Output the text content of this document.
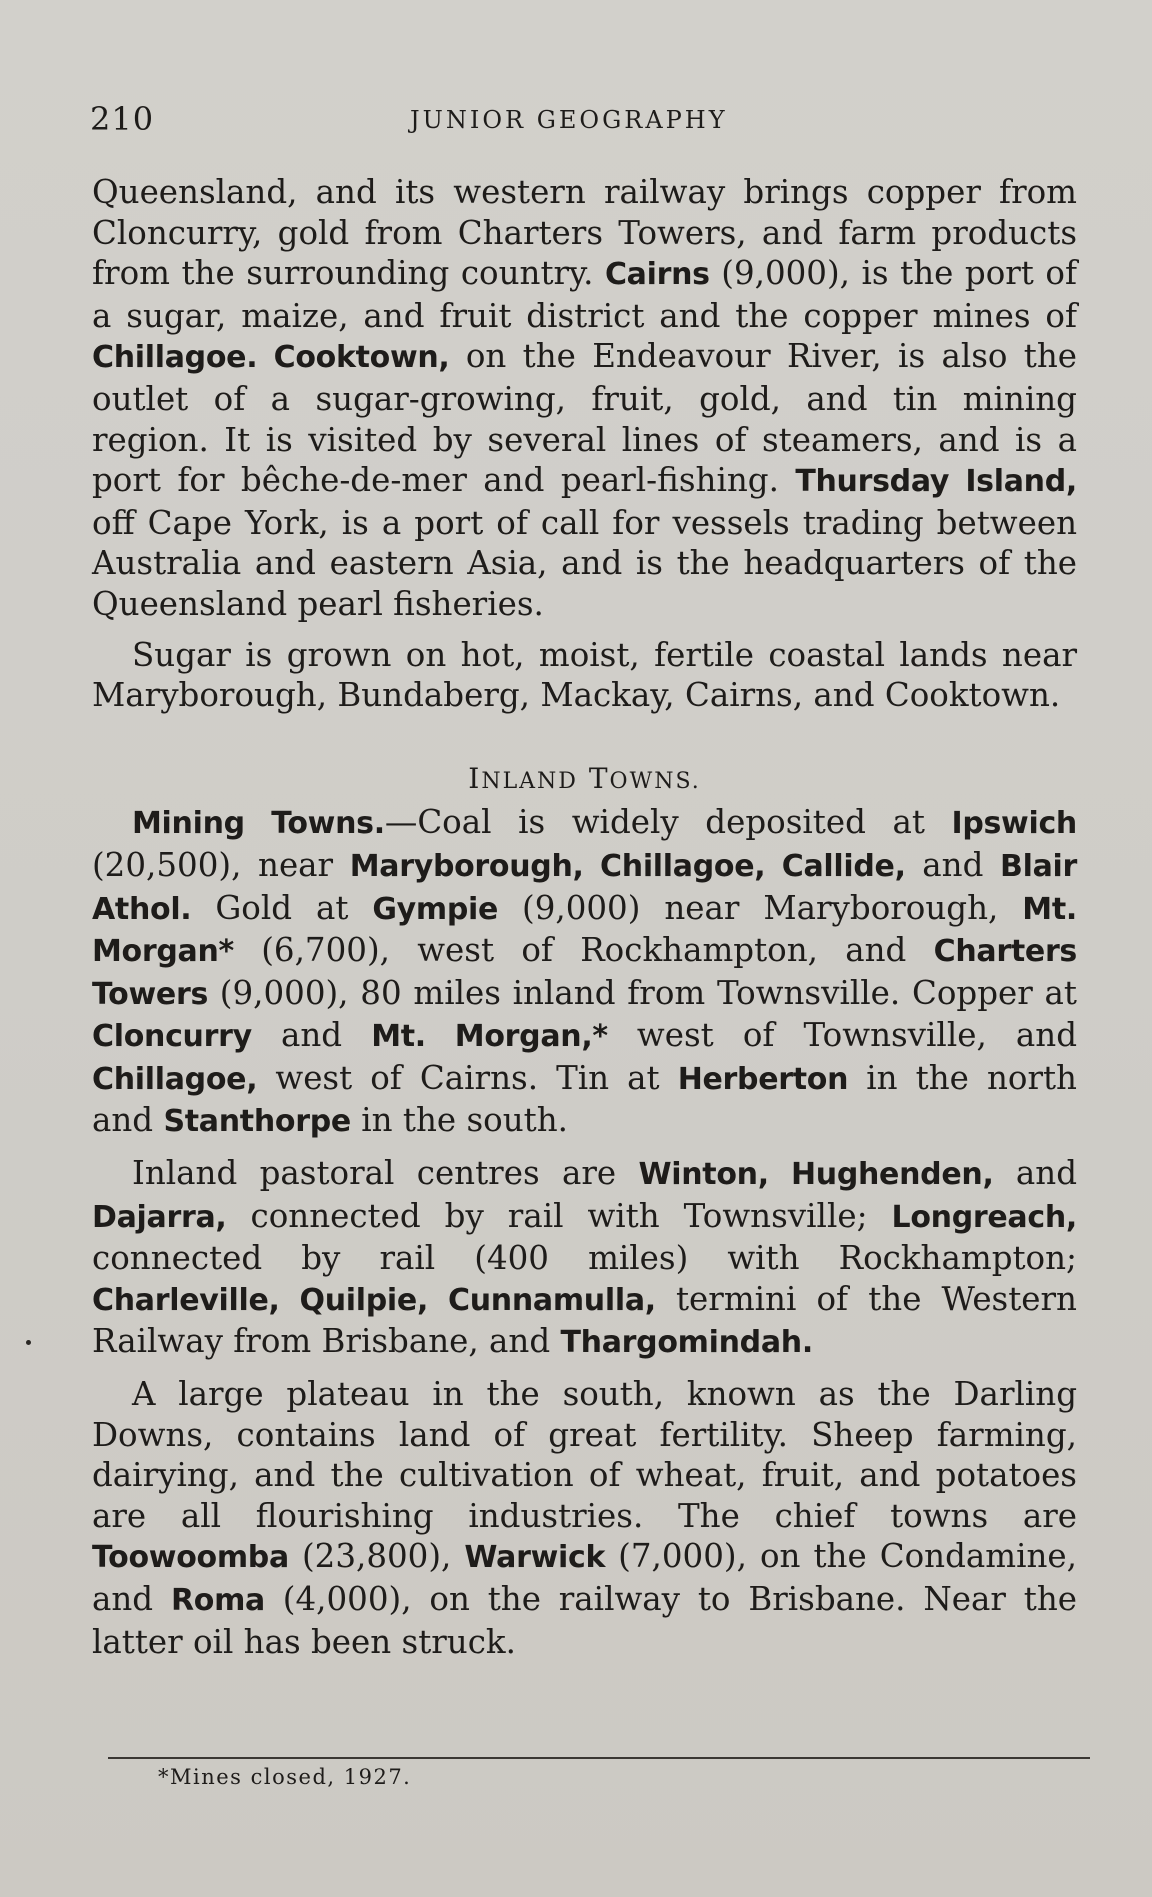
210	JUNIOR GEOGRAPHY

Queensland, and its western railway brings copper from Cloncurry, gold from Charters Towers, and farm products from the surrounding country. Cairns (9,000), is the port of a sugar, maize, and fruit district and the copper mines of Chillagoe. Cooktown, on the Endeavour River, is also the outlet of a sugar-growing, fruit, gold, and tin mining region. It is visited by several lines of steamers, and is a port for bêche-de-mer and pearl-fishing. Thursday Island, off Cape York, is a port of call for vessels trading between Australia and eastern Asia, and is the headquarters of the Queensland pearl fisheries.

Sugar is grown on hot, moist, fertile coastal lands near Maryborough, Bundaberg, Mackay, Cairns, and Cooktown.

INLAND TOWNS.

Mining Towns.—Coal is widely deposited at Ipswich (20,500), near Maryborough, Chillagoe, Callide, and Blair Athol. Gold at Gympie (9,000) near Maryborough, Mt. Morgan* (6,700), west of Rockhampton, and Charters Towers (9,000), 80 miles inland from Townsville. Copper at Cloncurry and Mt. Morgan,* west of Townsville, and Chillagoe, west of Cairns. Tin at Herberton in the north and Stanthorpe in the south.

Inland pastoral centres are Winton, Hughenden, and Dajarra, connected by rail with Townsville; Longreach, connected by rail (400 miles) with Rockhampton; Charleville, Quilpie, Cunnamulla, termini of the Western Railway from Brisbane, and Thargomindah.

A large plateau in the south, known as the Darling Downs, contains land of great fertility. Sheep farming, dairying, and the cultivation of wheat, fruit, and potatoes are all flourishing industries. The chief towns are Toowoomba (23,800), Warwick (7,000), on the Condamine, and Roma (4,000), on the railway to Brisbane. Near the latter oil has been struck.

*Mines closed, 1927.
